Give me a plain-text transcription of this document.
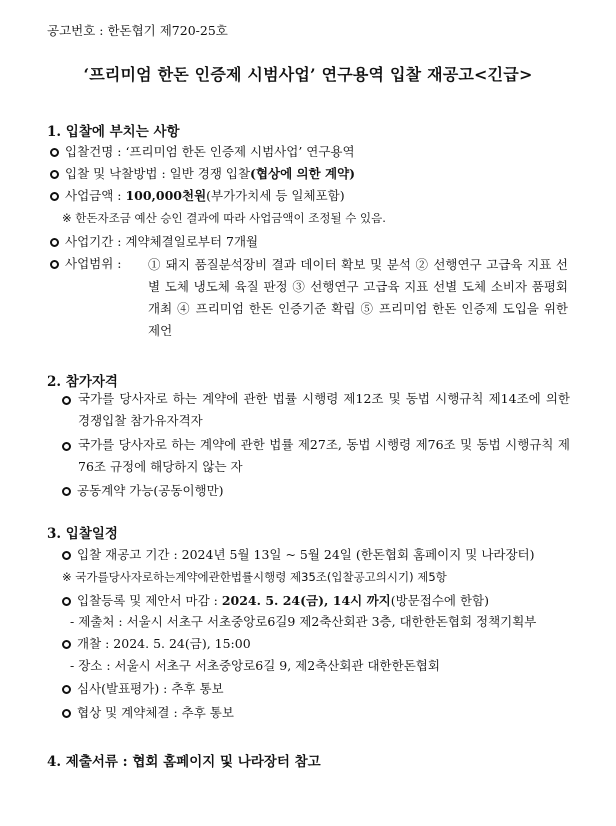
공고번호 : 한돈협기 제720-25호
‘프리미엄 한돈 인증제 시범사업’ 연구용역 입찰 재공고<긴급>
1. 입찰에 부치는 사항
입찰건명 : ‘프리미엄 한돈 인증제 시범사업’ 연구용역
입찰 및 낙찰방법 : 일반 경쟁 입찰(협상에 의한 계약)
사업금액 : 100,000천원(부가가치세 등 일체포함)
※ 한돈자조금 예산 승인 결과에 따라 사업금액이 조정될 수 있음.
사업기간 : 계약체결일로부터 7개월
사업범위 : ① 돼지 품질분석장비 결과 데이터 확보 및 분석 ② 선행연구 고급육 지표 선별 도체 냉도체 육질 판정 ③ 선행연구 고급육 지표 선별 도체 소비자 품평회 개최 ④ 프리미엄 한돈 인증기준 확립 ⑤ 프리미엄 한돈 인증제 도입을 위한 제언
2. 참가자격
국가를 당사자로 하는 계약에 관한 법률 시행령 제12조 및 동법 시행규칙 제14조에 의한 경쟁입찰 참가유자격자
국가를 당사자로 하는 계약에 관한 법률 제27조, 동법 시행령 제76조 및 동법 시행규칙 제76조 규정에 해당하지 않는 자
공동계약 가능(공동이행만)
3. 입찰일정
입찰 재공고 기간 : 2024년 5월 13일 ~ 5월 24일 (한돈협회 홈페이지 및 나라장터)
※ 국가를당사자로하는계약에관한법률시행령 제35조(입찰공고의시기) 제5항
입찰등록 및 제안서 마감 : 2024. 5. 24(금), 14시 까지(방문접수에 한함)
- 제출처 : 서울시 서초구 서초중앙로6길9 제2축산회관 3층, 대한한돈협회 정책기획부
개찰 : 2024. 5. 24(금), 15:00
- 장소 : 서울시 서초구 서초중앙로6길 9, 제2축산회관 대한한돈협회
심사(발표평가) : 추후 통보
협상 및 계약체결 : 추후 통보
4. 제출서류 : 협회 홈페이지 및 나라장터 참고
